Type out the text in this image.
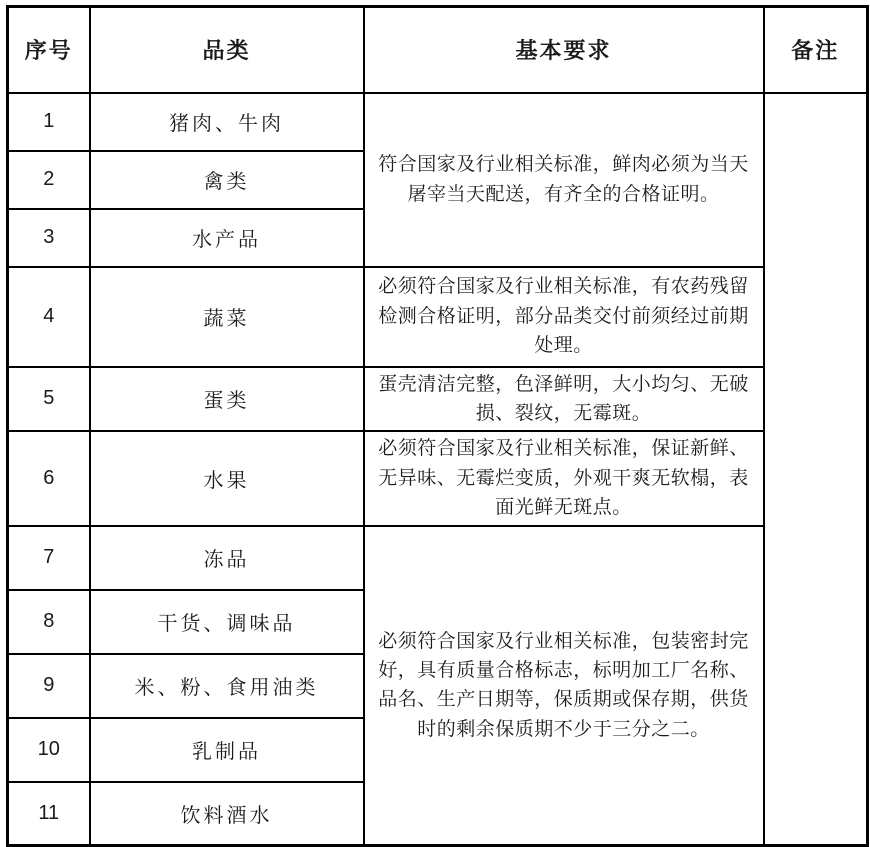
序号	品类	基本要求	备注
1	猪肉、牛肉	符合国家及行业相关标准，鲜肉必须为当天屠宰当天配送，有齐全的合格证明。	
2	禽类		
3	水产品		
4	蔬菜	必须符合国家及行业相关标准，有农药残留检测合格证明，部分品类交付前须经过前期处理。	
5	蛋类	蛋壳清洁完整，色泽鲜明，大小均匀、无破损、裂纹，无霉斑。	
6	水果	必须符合国家及行业相关标准，保证新鲜、无异味、无霉烂变质，外观干爽无软榻，表面光鲜无斑点。	
7	冻品	必须符合国家及行业相关标准，包装密封完好，具有质量合格标志，标明加工厂名称、品名、生产日期等，保质期或保存期，供货时的剩余保质期不少于三分之二。	
8	干货、调味品		
9	米、粉、食用油类		
10	乳制品		
11	饮料酒水		
